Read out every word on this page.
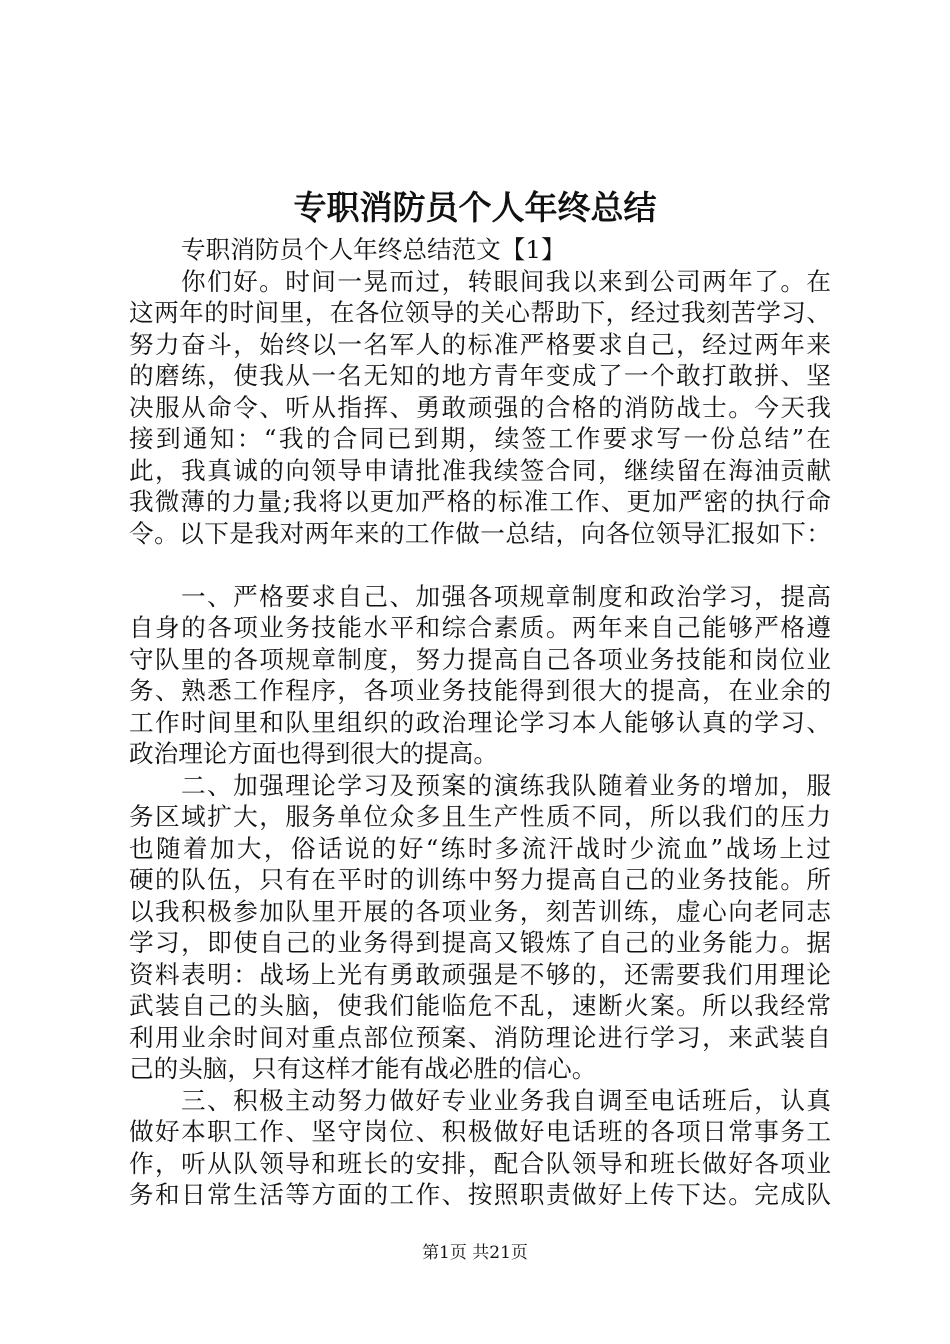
专职消防员个人年终总结
专职消防员个人年终总结范文【1】
你们好。时间一晃而过，转眼间我以来到公司两年了。在
这两年的时间里，在各位领导的关心帮助下，经过我刻苦学习、
努力奋斗，始终以一名军人的标准严格要求自己，经过两年来
的磨练，使我从一名无知的地方青年变成了一个敢打敢拼、坚
决服从命令、听从指挥、勇敢顽强的合格的消防战士。今天我
接到通知：“我的合同已到期，续签工作要求写一份总结”在
此，我真诚的向领导申请批准我续签合同，继续留在海油贡献
我微薄的力量;我将以更加严格的标准工作、更加严密的执行命
令。以下是我对两年来的工作做一总结，向各位领导汇报如下：
一、严格要求自己、加强各项规章制度和政治学习，提高
自身的各项业务技能水平和综合素质。两年来自己能够严格遵
守队里的各项规章制度，努力提高自己各项业务技能和岗位业
务、熟悉工作程序，各项业务技能得到很大的提高，在业余的
工作时间里和队里组织的政治理论学习本人能够认真的学习、
政治理论方面也得到很大的提高。
二、加强理论学习及预案的演练我队随着业务的增加，服
务区域扩大，服务单位众多且生产性质不同，所以我们的压力
也随着加大，俗话说的好“练时多流汗战时少流血”战场上过
硬的队伍，只有在平时的训练中努力提高自己的业务技能。所
以我积极参加队里开展的各项业务，刻苦训练，虚心向老同志
学习，即使自己的业务得到提高又锻炼了自己的业务能力。据
资料表明：战场上光有勇敢顽强是不够的，还需要我们用理论
武装自己的头脑，使我们能临危不乱，速断火案。所以我经常
利用业余时间对重点部位预案、消防理论进行学习，来武装自
己的头脑，只有这样才能有战必胜的信心。
三、积极主动努力做好专业业务我自调至电话班后，认真
做好本职工作、坚守岗位、积极做好电话班的各项日常事务工
作，听从队领导和班长的安排，配合队领导和班长做好各项业
务和日常生活等方面的工作、按照职责做好上传下达。完成队
第1页 共21页
